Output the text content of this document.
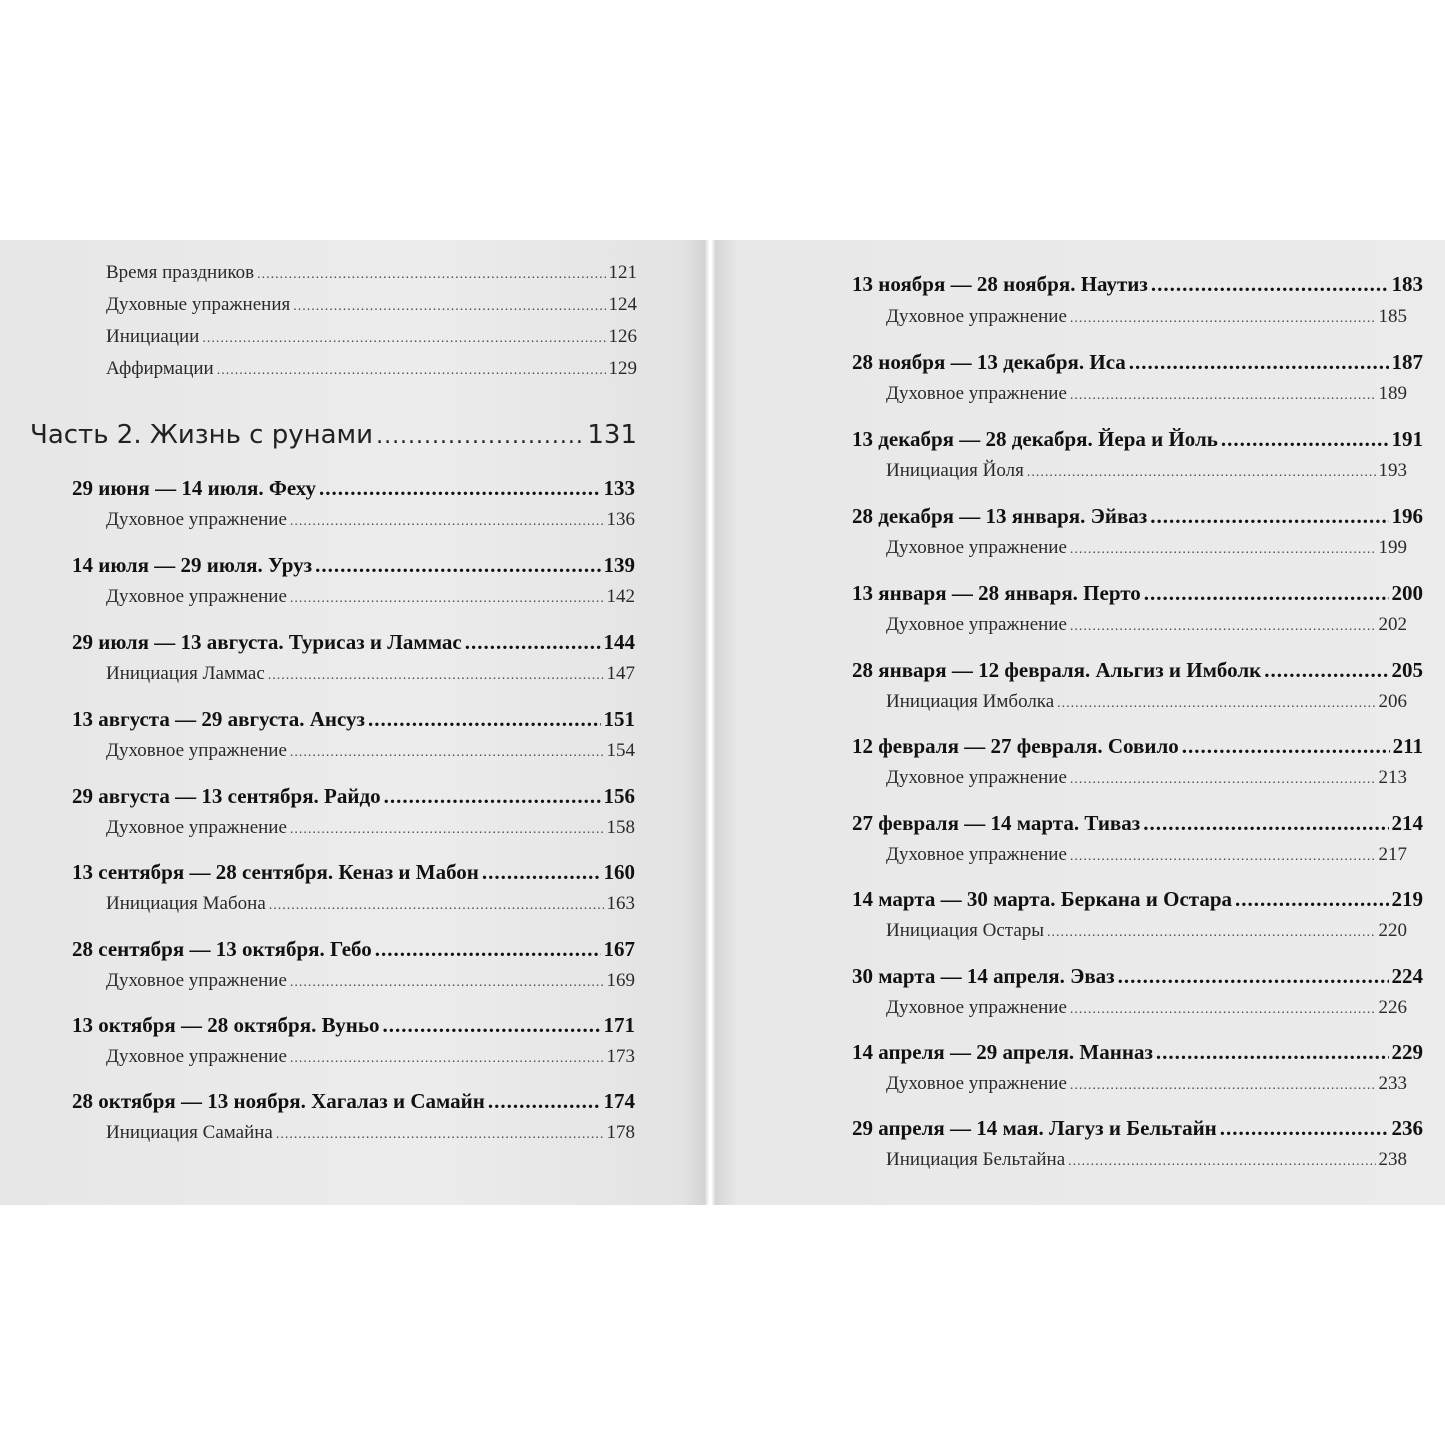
Время праздников .....	121
Духовные упражнения .....	124
Инициации .....	126
Аффирмации .....	129
Часть 2. Жизнь с рунами .....	131
29 июня — 14 июля. Феху .....	133
Духовное упражнение .....	136
14 июля — 29 июля. Уруз .....	139
Духовное упражнение .....	142
29 июля — 13 августа. Турисаз и Ламмас .....	144
Инициация Ламмас .....	147
13 августа — 29 августа. Ансуз .....	151
Духовное упражнение .....	154
29 августа — 13 сентября. Райдо .....	156
Духовное упражнение .....	158
13 сентября — 28 сентября. Кеназ и Мабон .....	160
Инициация Мабона .....	163
28 сентября — 13 октября. Гебо .....	167
Духовное упражнение .....	169
13 октября — 28 октября. Вуньо .....	171
Духовное упражнение .....	173
28 октября — 13 ноября. Хагалаз и Самайн .....	174
Инициация Самайна .....	178
13 ноября — 28 ноября. Наутиз .....	183
Духовное упражнение .....	185
28 ноября — 13 декабря. Иса .....	187
Духовное упражнение .....	189
13 декабря — 28 декабря. Йера и Йоль .....	191
Инициация Йоля .....	193
28 декабря — 13 января. Эйваз .....	196
Духовное упражнение .....	199
13 января — 28 января. Перто .....	200
Духовное упражнение .....	202
28 января — 12 февраля. Альгиз и Имболк .....	205
Инициация Имболка .....	206
12 февраля — 27 февраля. Совило .....	211
Духовное упражнение .....	213
27 февраля — 14 марта. Тиваз .....	214
Духовное упражнение .....	217
14 марта — 30 марта. Беркана и Остара .....	219
Инициация Остары .....	220
30 марта — 14 апреля. Эваз .....	224
Духовное упражнение .....	226
14 апреля — 29 апреля. Манназ .....	229
Духовное упражнение .....	233
29 апреля — 14 мая. Лагуз и Бельтайн .....	236
Инициация Бельтайна .....	238
